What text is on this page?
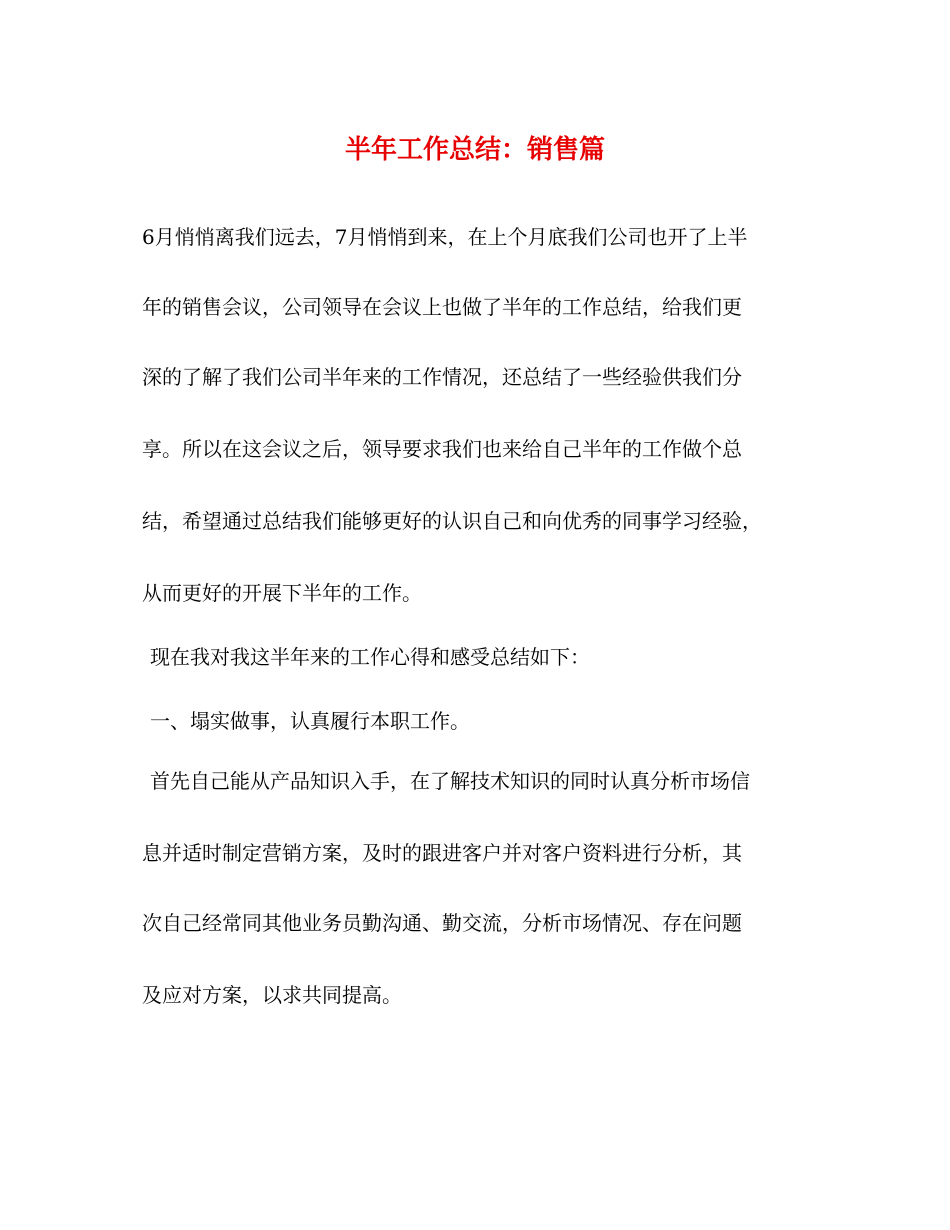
半年工作总结：销售篇

6月悄悄离我们远去，7月悄悄到来，在上个月底我们公司也开了上半

年的销售会议，公司领导在会议上也做了半年的工作总结，给我们更

深的了解了我们公司半年来的工作情况，还总结了一些经验供我们分

享。所以在这会议之后，领导要求我们也来给自己半年的工作做个总

结，希望通过总结我们能够更好的认识自己和向优秀的同事学习经验，

从而更好的开展下半年的工作。

现在我对我这半年来的工作心得和感受总结如下：

一、塌实做事，认真履行本职工作。

首先自己能从产品知识入手，在了解技术知识的同时认真分析市场信

息并适时制定营销方案，及时的跟进客户并对客户资料进行分析，其

次自己经常同其他业务员勤沟通、勤交流，分析市场情况、存在问题

及应对方案，以求共同提高。
